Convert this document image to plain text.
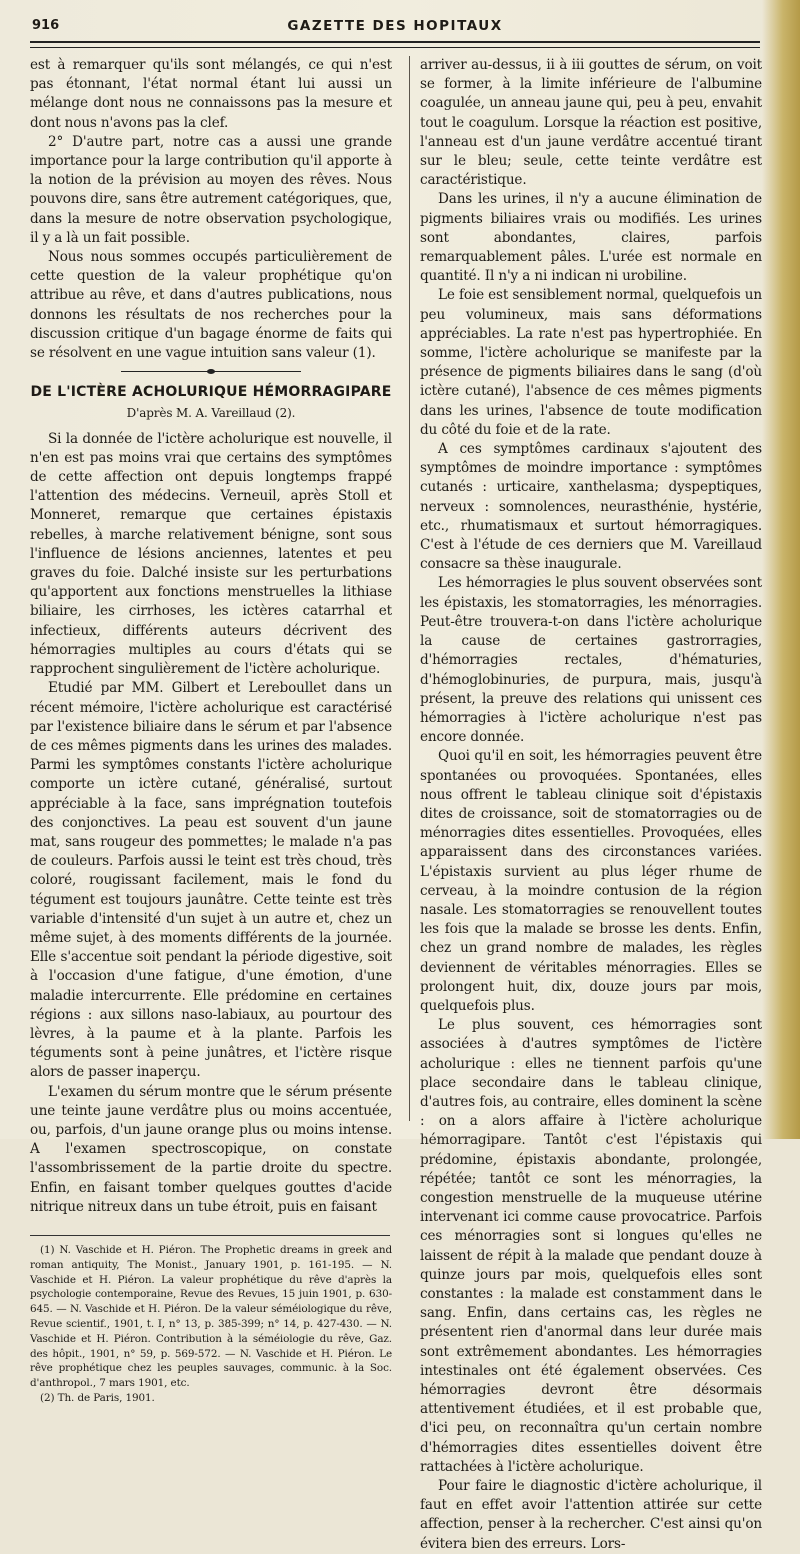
916	GAZETTE DES HOPITAUX

est à remarquer qu'ils sont mélangés, ce qui n'est pas étonnant, l'état normal étant lui aussi un mélange dont nous ne connaissons pas la mesure et dont nous n'avons pas la clef.

2° D'autre part, notre cas a aussi une grande importance pour la large contribution qu'il apporte à la notion de la prévision au moyen des rêves. Nous pouvons dire, sans être autrement catégoriques, que, dans la mesure de notre observation psychologique, il y a là un fait possible.

Nous nous sommes occupés particulièrement de cette question de la valeur prophétique qu'on attribue au rêve, et dans d'autres publications, nous donnons les résultats de nos recherches pour la discussion critique d'un bagage énorme de faits qui se résolvent en une vague intuition sans valeur (1).

DE L'ICTÈRE ACHOLURIQUE HÉMORRAGIPARE
D'après M. A. Vareillaud (2).

Si la donnée de l'ictère acholurique est nouvelle, il n'en est pas moins vrai que certains des symptômes de cette affection ont depuis longtemps frappé l'attention des médecins. Verneuil, après Stoll et Monneret, remarque que certaines épistaxis rebelles, à marche relativement bénigne, sont sous l'influence de lésions anciennes, latentes et peu graves du foie. Dalché insiste sur les perturbations qu'apportent aux fonctions menstruelles la lithiase biliaire, les cirrhoses, les ictères catarrhal et infectieux, différents auteurs décrivent des hémorragies multiples au cours d'états qui se rapprochent singulièrement de l'ictère acholurique.

Etudié par MM. Gilbert et Lereboullet dans un récent mémoire, l'ictère acholurique est caractérisé par l'existence biliaire dans le sérum et par l'absence de ces mêmes pigments dans les urines des malades. Parmi les symptômes constants l'ictère acholurique comporte un ictère cutané, généralisé, surtout appréciable à la face, sans imprégnation toutefois des conjonctives. La peau est souvent d'un jaune mat, sans rougeur des pommettes; le malade n'a pas de couleurs. Parfois aussi le teint est très choud, très coloré, rougissant facilement, mais le fond du tégument est toujours jaunâtre. Cette teinte est très variable d'intensité d'un sujet à un autre et, chez un même sujet, à des moments différents de la journée. Elle s'accentue soit pendant la période digestive, soit à l'occasion d'une fatigue, d'une émotion, d'une maladie intercurrente. Elle prédomine en certaines régions : aux sillons naso-labiaux, au pourtour des lèvres, à la paume et à la plante. Parfois les téguments sont à peine junâtres, et l'ictère risque alors de passer inaperçu.

L'examen du sérum montre que le sérum présente une teinte jaune verdâtre plus ou moins accentuée, ou, parfois, d'un jaune orange plus ou moins intense. A l'examen spectroscopique, on constate l'assombrissement de la partie droite du spectre. Enfin, en faisant tomber quelques gouttes d'acide nitrique nitreux dans un tube étroit, puis en faisant

(1) N. Vaschide et H. Piéron. The Prophetic dreams in greek and roman antiquity, The Monist., January 1901, p. 161-195. — N. Vaschide et H. Piéron. La valeur prophétique du rêve d'après la psychologie contemporaine, Revue des Revues, 15 juin 1901, p. 630-645. — N. Vaschide et H. Piéron. De la valeur séméiologique du rêve, Revue scientif., 1901, t. I, n° 13, p. 385-399; n° 14, p. 427-430. — N. Vaschide et H. Piéron. Contribution à la séméiologie du rêve, Gaz. des hôpit., 1901, n° 59, p. 569-572. — N. Vaschide et H. Piéron. Le rêve prophétique chez les peuples sauvages, communic. à la Soc. d'anthropol., 7 mars 1901, etc.

(2) Th. de Paris, 1901.

arriver au-dessus, ii à iii gouttes de sérum, on voit se former, à la limite inférieure de l'albumine coagulée, un anneau jaune qui, peu à peu, envahit tout le coagulum. Lorsque la réaction est positive, l'anneau est d'un jaune verdâtre accentué tirant sur le bleu; seule, cette teinte verdâtre est caractéristique.

Dans les urines, il n'y a aucune élimination de pigments biliaires vrais ou modifiés. Les urines sont abondantes, claires, parfois remarquablement pâles. L'urée est normale en quantité. Il n'y a ni indican ni urobiline.

Le foie est sensiblement normal, quelquefois un peu volumineux, mais sans déformations appréciables. La rate n'est pas hypertrophiée. En somme, l'ictère acholurique se manifeste par la présence de pigments biliaires dans le sang (d'où ictère cutané), l'absence de ces mêmes pigments dans les urines, l'absence de toute modification du côté du foie et de la rate.

A ces symptômes cardinaux s'ajoutent des symptômes de moindre importance : symptômes cutanés : urticaire, xanthelasma; dyspeptiques, nerveux : somnolences, neurasthénie, hystérie, etc., rhumatismaux et surtout hémorragiques. C'est à l'étude de ces derniers que M. Vareillaud consacre sa thèse inaugurale.

Les hémorragies le plus souvent observées sont les épistaxis, les stomatorragies, les ménorragies. Peut-être trouvera-t-on dans l'ictère acholurique la cause de certaines gastrorragies, d'hémorragies rectales, d'hématuries, d'hémoglobinuries, de purpura, mais, jusqu'à présent, la preuve des relations qui unissent ces hémorragies à l'ictère acholurique n'est pas encore donnée.

Quoi qu'il en soit, les hémorragies peuvent être spontanées ou provoquées. Spontanées, elles nous offrent le tableau clinique soit d'épistaxis dites de croissance, soit de stomatorragies ou de ménorragies dites essentielles. Provoquées, elles apparaissent dans des circonstances variées. L'épistaxis survient au plus léger rhume de cerveau, à la moindre contusion de la région nasale. Les stomatorragies se renouvellent toutes les fois que la malade se brosse les dents. Enfin, chez un grand nombre de malades, les règles deviennent de véritables ménorragies. Elles se prolongent huit, dix, douze jours par mois, quelquefois plus.

Le plus souvent, ces hémorragies sont associées à d'autres symptômes de l'ictère acholurique : elles ne tiennent parfois qu'une place secondaire dans le tableau clinique, d'autres fois, au contraire, elles dominent la scène : on a alors affaire à l'ictère acholurique hémorragipare. Tantôt c'est l'épistaxis qui prédomine, épistaxis abondante, prolongée, répétée; tantôt ce sont les ménorragies, la congestion menstruelle de la muqueuse utérine intervenant ici comme cause provocatrice. Parfois ces ménorragies sont si longues qu'elles ne laissent de répit à la malade que pendant douze à quinze jours par mois, quelquefois elles sont constantes : la malade est constamment dans le sang. Enfin, dans certains cas, les règles ne présentent rien d'anormal dans leur durée mais sont extrêmement abondantes. Les hémorragies intestinales ont été également observées. Ces hémorragies devront être désormais attentivement étudiées, et il est probable que, d'ici peu, on reconnaîtra qu'un certain nombre d'hémorragies dites essentielles doivent être rattachées à l'ictère acholurique.

Pour faire le diagnostic d'ictère acholurique, il faut en effet avoir l'attention attirée sur cette affection, penser à la rechercher. C'est ainsi qu'on évitera bien des erreurs. Lors-
